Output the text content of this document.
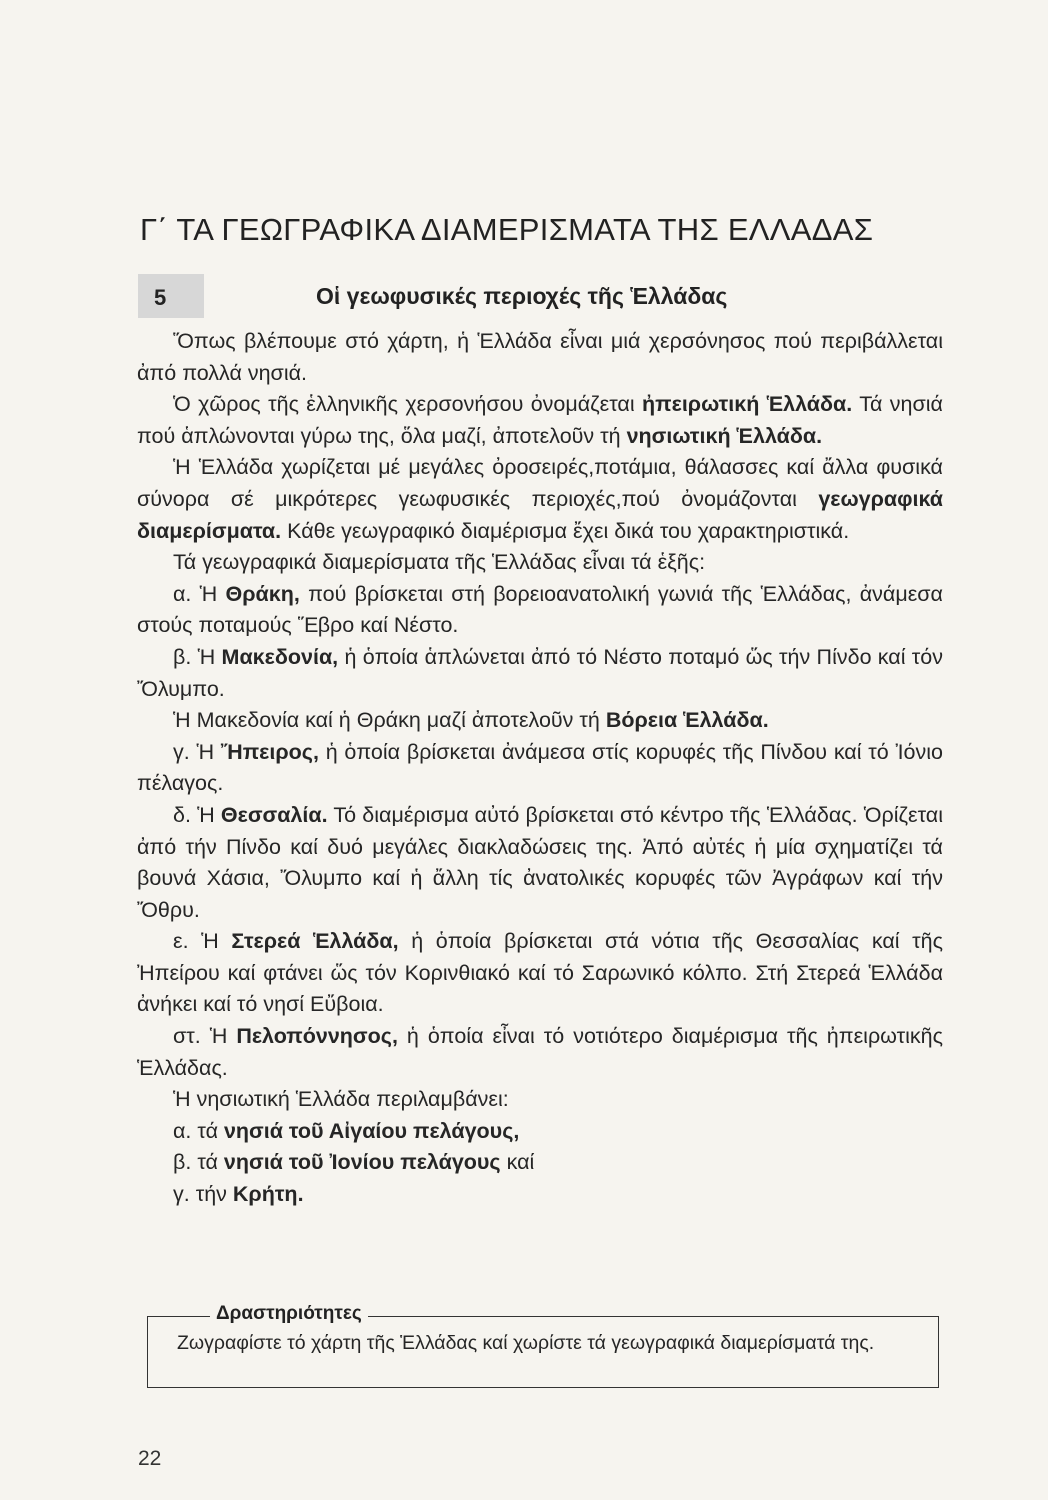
Γ΄ ΤΑ ΓΕΩΓΡΑΦΙΚΑ ΔΙΑΜΕΡΙΣΜΑΤΑ ΤΗΣ ΕΛΛΑΔΑΣ
5	Οἱ γεωφυσικές περιοχές τῆς Ἑλλάδας

Ὅπως βλέπουμε στό χάρτη, ἡ Ἑλλάδα εἶναι μιά χερσόνησος πού περιβάλλεται ἀπό πολλά νησιά.

Ὁ χῶρος τῆς ἑλληνικῆς χερσονήσου ὀνομάζεται ἠπειρωτική Ἑλλάδα. Τά νησιά πού ἁπλώνονται γύρω της, ὅλα μαζί, ἀποτελοῦν τή νησιωτική Ἑλλάδα.

Ἡ Ἑλλάδα χωρίζεται μέ μεγάλες ὀροσειρές,ποτάμια, θάλασσες καί ἄλλα φυσικά σύνορα σέ μικρότερες γεωφυσικές περιοχές,πού ὀνομάζονται γεωγραφικά διαμερίσματα. Κάθε γεωγραφικό διαμέρισμα ἔχει δικά του χαρακτηριστικά.

Τά γεωγραφικά διαμερίσματα τῆς Ἑλλάδας εἶναι τά ἑξῆς:

α. Ἡ Θράκη, πού βρίσκεται στή βορειοανατολική γωνιά τῆς Ἑλλάδας, ἀνάμεσα στούς ποταμούς Ἕβρο καί Νέστο.

β. Ἡ Μακεδονία, ἡ ὁποία ἁπλώνεται ἀπό τό Νέστο ποταμό ὥς τήν Πίνδο καί τόν Ὄλυμπο.

Ἡ Μακεδονία καί ἡ Θράκη μαζί ἀποτελοῦν τή Βόρεια Ἑλλάδα.

γ. Ἡ Ἤπειρος, ἡ ὁποία βρίσκεται ἀνάμεσα στίς κορυφές τῆς Πίνδου καί τό Ἰόνιο πέλαγος.

δ. Ἡ Θεσσαλία. Τό διαμέρισμα αὐτό βρίσκεται στό κέντρο τῆς Ἑλλάδας. Ὁρίζεται ἀπό τήν Πίνδο καί δυό μεγάλες διακλαδώσεις της. Ἀπό αὐτές ἡ μία σχηματίζει τά βουνά Χάσια, Ὄλυμπο καί ἡ ἄλλη τίς ἀνατολικές κορυφές τῶν Ἀγράφων καί τήν Ὄθρυ.

ε. Ἡ Στερεά Ἑλλάδα, ἡ ὁποία βρίσκεται στά νότια τῆς Θεσσαλίας καί τῆς Ἠπείρου καί φτάνει ὥς τόν Κορινθιακό καί τό Σαρωνικό κόλπο. Στή Στερεά Ἑλλάδα ἀνήκει καί τό νησί Εὔβοια.

στ. Ἡ Πελοπόννησος, ἡ ὁποία εἶναι τό νοτιότερο διαμέρισμα τῆς ἠπειρωτικῆς Ἑλλάδας.

Ἡ νησιωτική Ἑλλάδα περιλαμβάνει:

α. τά νησιά τοῦ Αἰγαίου πελάγους,

β. τά νησιά τοῦ Ἰονίου πελάγους καί

γ. τήν Κρήτη.

Δραστηριότητες
Ζωγραφίστε τό χάρτη τῆς Ἑλλάδας καί χωρίστε τά γεωγραφικά διαμερίσματά της.
22
